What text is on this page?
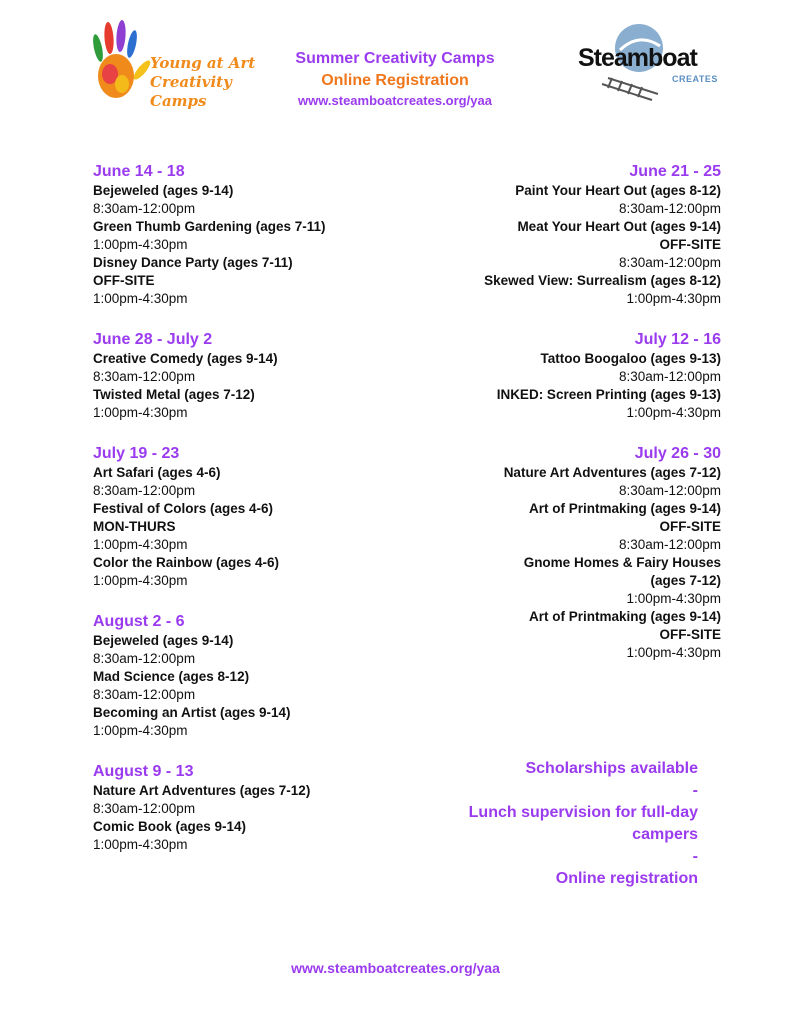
Young at Art
Creativity Camps
Summer Creativity Camps
Online Registration
www.steamboatcreates.org/yaa
Steamboat
CREATES
June 14 - 18
Bejeweled (ages 9-14)
8:30am-12:00pm
Green Thumb Gardening (ages 7-11)
1:00pm-4:30pm
Disney Dance Party (ages 7-11)
OFF-SITE
1:00pm-4:30pm
June 28 - July 2
Creative Comedy (ages 9-14)
8:30am-12:00pm
Twisted Metal (ages 7-12)
1:00pm-4:30pm
July 19 - 23
Art Safari (ages 4-6)
8:30am-12:00pm
Festival of Colors (ages 4-6)
MON-THURS
1:00pm-4:30pm
Color the Rainbow (ages 4-6)
1:00pm-4:30pm
August 2 - 6
Bejeweled (ages 9-14)
8:30am-12:00pm
Mad Science (ages 8-12)
8:30am-12:00pm
Becoming an Artist (ages 9-14)
1:00pm-4:30pm
August 9 - 13
Nature Art Adventures (ages 7-12)
8:30am-12:00pm
Comic Book (ages 9-14)
1:00pm-4:30pm
June 21 - 25
Paint Your Heart Out (ages 8-12)
8:30am-12:00pm
Meat Your Heart Out (ages 9-14)
OFF-SITE
8:30am-12:00pm
Skewed View: Surrealism (ages 8-12)
1:00pm-4:30pm
July 12 - 16
Tattoo Boogaloo (ages 9-13)
8:30am-12:00pm
INKED: Screen Printing (ages 9-13)
1:00pm-4:30pm
July 26 - 30
Nature Art Adventures (ages 7-12)
8:30am-12:00pm
Art of Printmaking (ages 9-14)
OFF-SITE
8:30am-12:00pm
Gnome Homes & Fairy Houses
(ages 7-12)
1:00pm-4:30pm
Art of Printmaking (ages 9-14)
OFF-SITE
1:00pm-4:30pm
Scholarships available
-
Lunch supervision for full-day campers
-
Online registration
www.steamboatcreates.org/yaa
